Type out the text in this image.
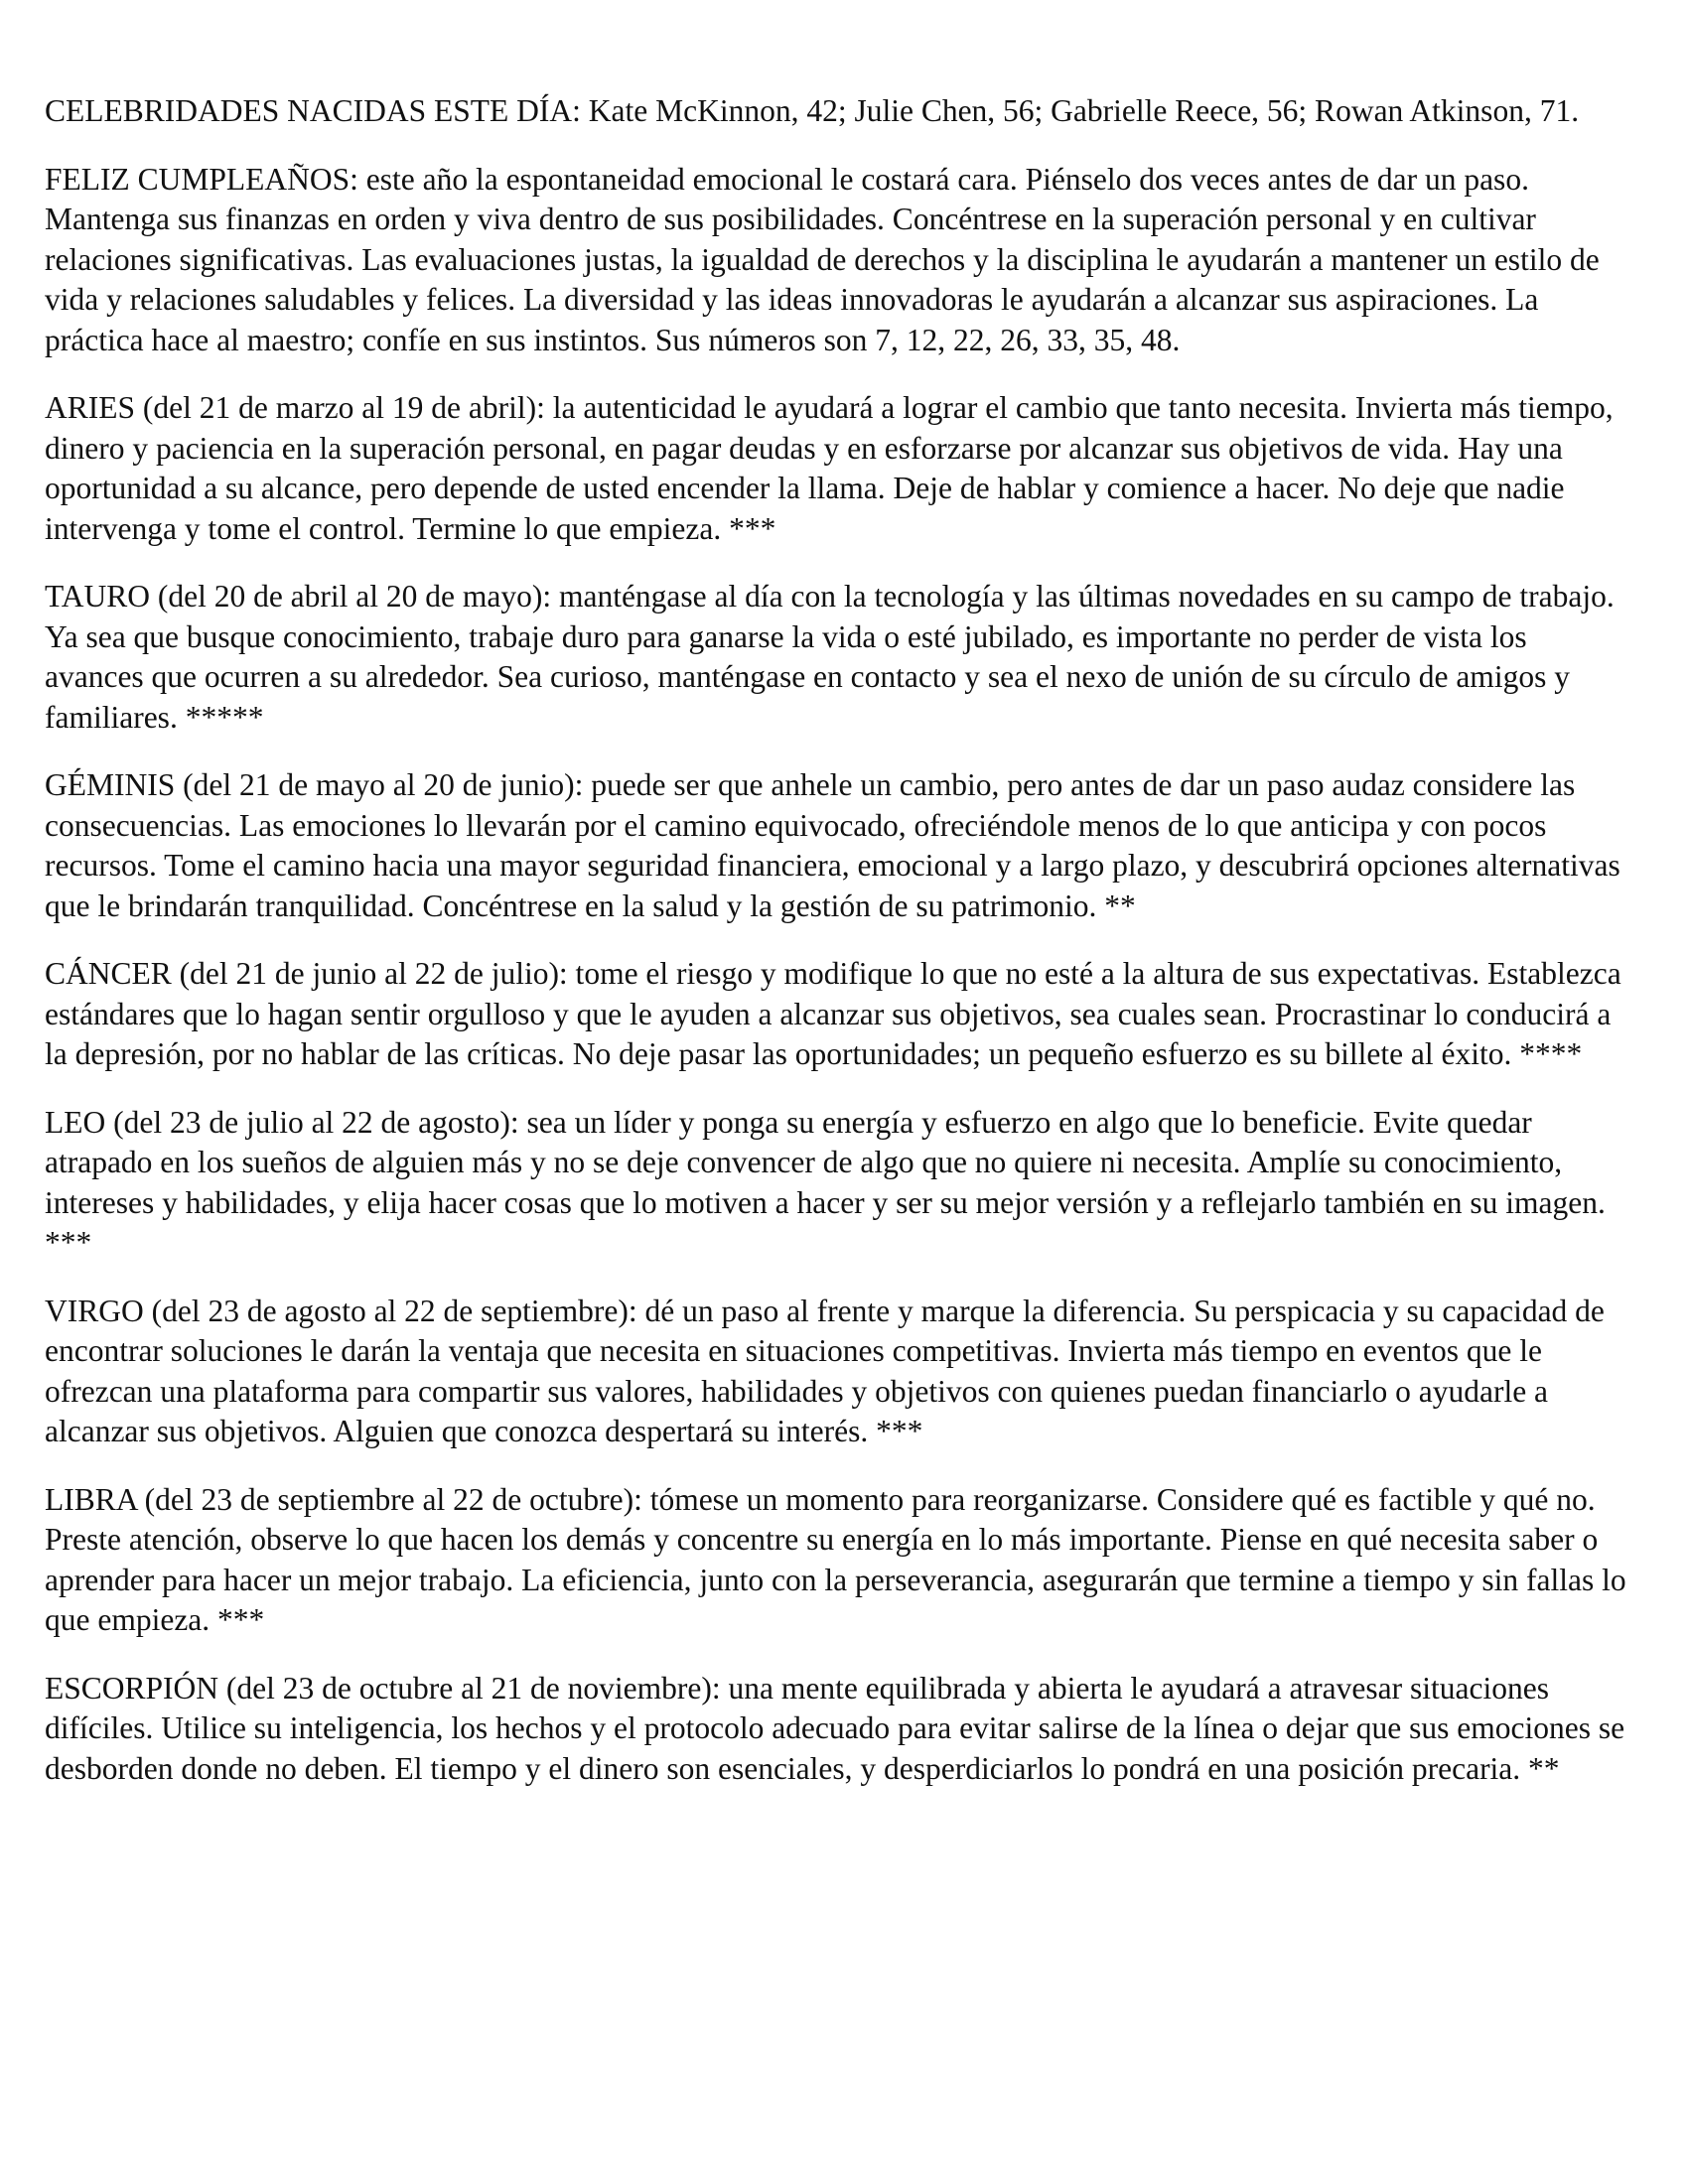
CELEBRIDADES NACIDAS ESTE DÍA: Kate McKinnon, 42; Julie Chen, 56; Gabrielle Reece, 56; Rowan Atkinson, 71.

FELIZ CUMPLEAÑOS: este año la espontaneidad emocional le costará cara. Piénselo dos veces antes de dar un paso. Mantenga sus finanzas en orden y viva dentro de sus posibilidades. Concéntrese en la superación personal y en cultivar relaciones significativas. Las evaluaciones justas, la igualdad de derechos y la disciplina le ayudarán a mantener un estilo de vida y relaciones saludables y felices. La diversidad y las ideas innovadoras le ayudarán a alcanzar sus aspiraciones. La práctica hace al maestro; confíe en sus instintos. Sus números son 7, 12, 22, 26, 33, 35, 48.

ARIES (del 21 de marzo al 19 de abril): la autenticidad le ayudará a lograr el cambio que tanto necesita. Invierta más tiempo, dinero y paciencia en la superación personal, en pagar deudas y en esforzarse por alcanzar sus objetivos de vida. Hay una oportunidad a su alcance, pero depende de usted encender la llama. Deje de hablar y comience a hacer. No deje que nadie intervenga y tome el control. Termine lo que empieza. ***

TAURO (del 20 de abril al 20 de mayo): manténgase al día con la tecnología y las últimas novedades en su campo de trabajo. Ya sea que busque conocimiento, trabaje duro para ganarse la vida o esté jubilado, es importante no perder de vista los avances que ocurren a su alrededor. Sea curioso, manténgase en contacto y sea el nexo de unión de su círculo de amigos y familiares. *****

GÉMINIS (del 21 de mayo al 20 de junio): puede ser que anhele un cambio, pero antes de dar un paso audaz considere las consecuencias. Las emociones lo llevarán por el camino equivocado, ofreciéndole menos de lo que anticipa y con pocos recursos. Tome el camino hacia una mayor seguridad financiera, emocional y a largo plazo, y descubrirá opciones alternativas que le brindarán tranquilidad. Concéntrese en la salud y la gestión de su patrimonio. **

CÁNCER (del 21 de junio al 22 de julio): tome el riesgo y modifique lo que no esté a la altura de sus expectativas. Establezca estándares que lo hagan sentir orgulloso y que le ayuden a alcanzar sus objetivos, sea cuales sean. Procrastinar lo conducirá a la depresión, por no hablar de las críticas. No deje pasar las oportunidades; un pequeño esfuerzo es su billete al éxito. ****

LEO (del 23 de julio al 22 de agosto): sea un líder y ponga su energía y esfuerzo en algo que lo beneficie. Evite quedar atrapado en los sueños de alguien más y no se deje convencer de algo que no quiere ni necesita. Amplíe su conocimiento, intereses y habilidades, y elija hacer cosas que lo motiven a hacer y ser su mejor versión y a reflejarlo también en su imagen. ***

VIRGO (del 23 de agosto al 22 de septiembre): dé un paso al frente y marque la diferencia. Su perspicacia y su capacidad de encontrar soluciones le darán la ventaja que necesita en situaciones competitivas. Invierta más tiempo en eventos que le ofrezcan una plataforma para compartir sus valores, habilidades y objetivos con quienes puedan financiarlo o ayudarle a alcanzar sus objetivos. Alguien que conozca despertará su interés. ***

LIBRA (del 23 de septiembre al 22 de octubre): tómese un momento para reorganizarse. Considere qué es factible y qué no. Preste atención, observe lo que hacen los demás y concentre su energía en lo más importante. Piense en qué necesita saber o aprender para hacer un mejor trabajo. La eficiencia, junto con la perseverancia, asegurarán que termine a tiempo y sin fallas lo que empieza. ***

ESCORPIÓN (del 23 de octubre al 21 de noviembre): una mente equilibrada y abierta le ayudará a atravesar situaciones difíciles. Utilice su inteligencia, los hechos y el protocolo adecuado para evitar salirse de la línea o dejar que sus emociones se desborden donde no deben. El tiempo y el dinero son esenciales, y desperdiciarlos lo pondrá en una posición precaria. **
